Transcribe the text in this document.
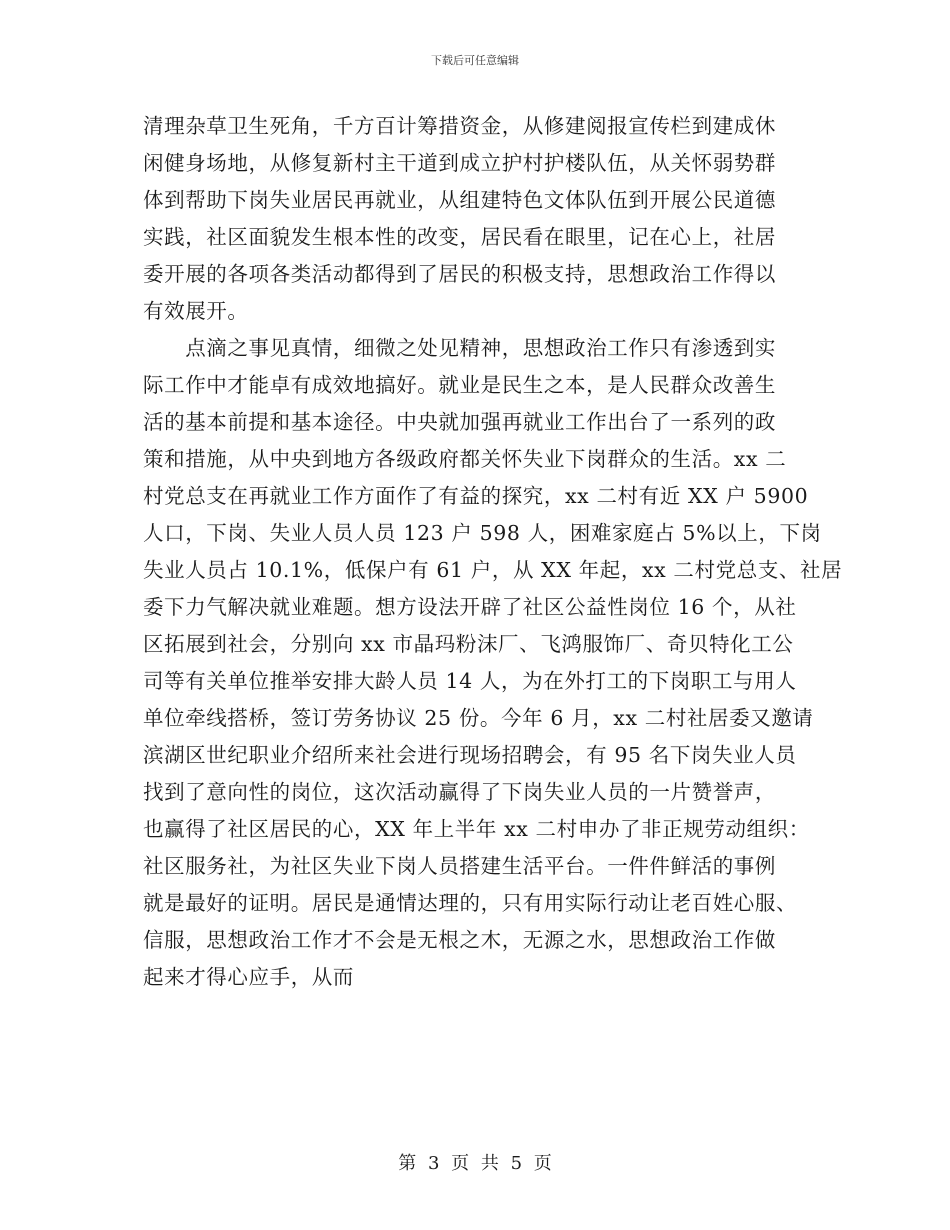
下载后可任意编辑
清理杂草卫生死角，千方百计筹措资金，从修建阅报宣传栏到建成休
闲健身场地，从修复新村主干道到成立护村护楼队伍，从关怀弱势群
体到帮助下岗失业居民再就业，从组建特色文体队伍到开展公民道德
实践，社区面貌发生根本性的改变，居民看在眼里，记在心上，社居
委开展的各项各类活动都得到了居民的积极支持，思想政治工作得以
有效展开。
　　点滴之事见真情，细微之处见精神，思想政治工作只有渗透到实
际工作中才能卓有成效地搞好。就业是民生之本，是人民群众改善生
活的基本前提和基本途径。中央就加强再就业工作出台了一系列的政
策和措施，从中央到地方各级政府都关怀失业下岗群众的生活。xx 二
村党总支在再就业工作方面作了有益的探究，xx 二村有近 XX 户 5900
人口，下岗、失业人员人员 123 户 598 人，困难家庭占 5%以上，下岗
失业人员占 10.1%，低保户有 61 户，从 XX 年起，xx 二村党总支、社居
委下力气解决就业难题。想方设法开辟了社区公益性岗位 16 个，从社
区拓展到社会，分别向 xx 市晶玛粉沫厂、飞鸿服饰厂、奇贝特化工公
司等有关单位推举安排大龄人员 14 人，为在外打工的下岗职工与用人
单位牵线搭桥，签订劳务协议 25 份。今年 6 月，xx 二村社居委又邀请
滨湖区世纪职业介绍所来社会进行现场招聘会，有 95 名下岗失业人员
找到了意向性的岗位，这次活动赢得了下岗失业人员的一片赞誉声，
也赢得了社区居民的心，XX 年上半年 xx 二村申办了非正规劳动组织：
社区服务社，为社区失业下岗人员搭建生活平台。一件件鲜活的事例
就是最好的证明。居民是通情达理的，只有用实际行动让老百姓心服、
信服，思想政治工作才不会是无根之木，无源之水，思想政治工作做
起来才得心应手，从而
第 3 页 共 5 页
